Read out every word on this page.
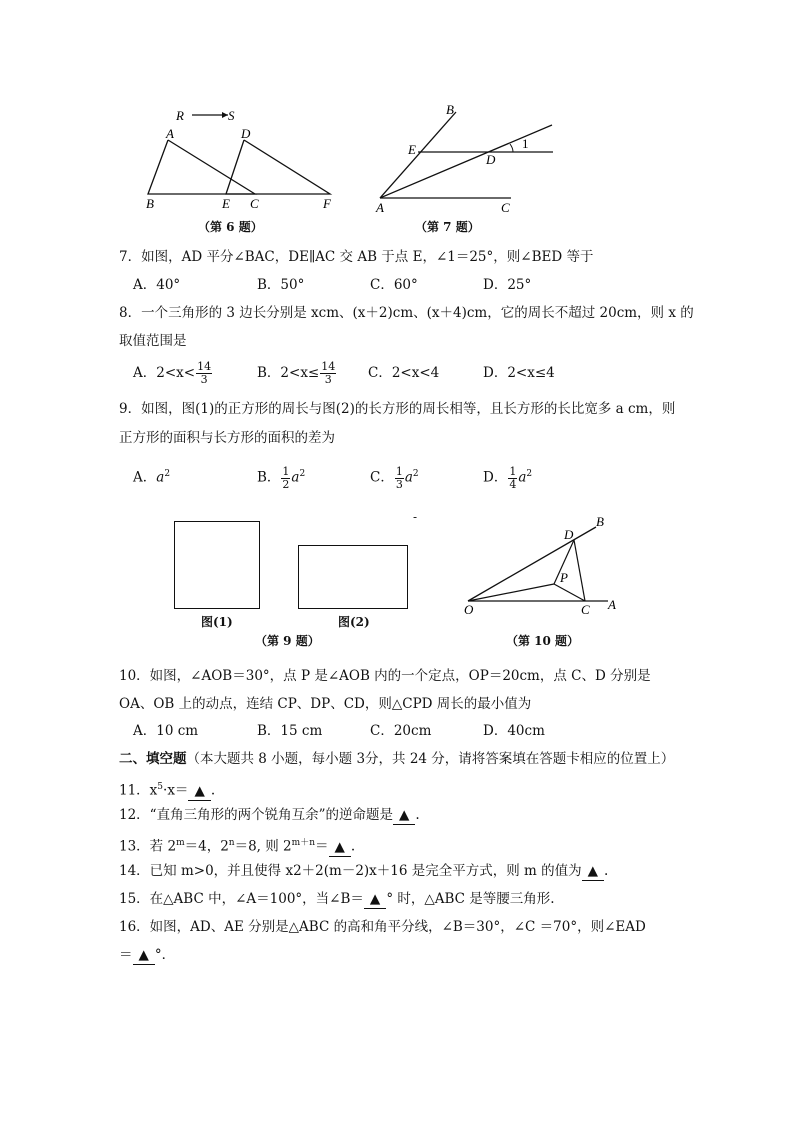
R	S
A	D
B	E C	F
（第 6 题）
B
E
D
1
A	C
（第 7 题）
7．如图，AD 平分∠BAC，DE∥AC 交 AB 于点 E，∠1＝25°，则∠BED 等于
A．40°	B．50°	C．60°	D．25°
8．一个三角形的 3 边长分别是 xcm、(x＋2)cm、(x＋4)cm，它的周长不超过 20cm，则 x 的
取值范围是
A．$2<x< \frac{14}{3}$	B．$2<x\le \frac{14}{3}$ C．2<x<4	D．2<x≤4
9．如图，图(1)的正方形的周长与图(2)的长方形的周长相等，且长方形的长比宽多 a cm，则
正方形的面积与长方形的面积的差为
A．$a^2$	B． $\frac{1}{2} a^2$	C． $\frac{1}{3} a^2$	D． $\frac{1}{4} a^2$
-
图(1)	图(2)
（第 9 题）
D
B
P
O	C A
（第 10 题）
10．如图，∠AOB＝30°，点 P 是∠AOB 内的一个定点，OP＝20cm，点 C、D 分别是
OA、OB 上的动点，连结 CP、DP、CD，则△CPD 周长的最小值为
A．10 cm	B．15 cm	C．20cm	D．40cm
二、填空题（本大题共 8 小题，每小题 3分，共 24 分，请将答案填在答题卡相应的位置上）
11．$x^5\cdot x=$ ▲ .
12．“直角三角形的两个锐角互余”的逆命题是 ▲ .
13．若 $2^m=4$，$2^n=8$, 则 $2^{m+n}=$ ▲ .
14．已知 m>0，并且使得 x2＋2(m－2)x＋16 是完全平方式，则 m 的值为 ▲ .
15．在△ABC 中，∠A＝100°，当∠B＝ ▲ ° 时，△ABC 是等腰三角形.
16．如图，AD、AE 分别是△ABC 的高和角平分线，∠B＝30°，∠C ＝70°，则∠EAD
＝ ▲ °．
